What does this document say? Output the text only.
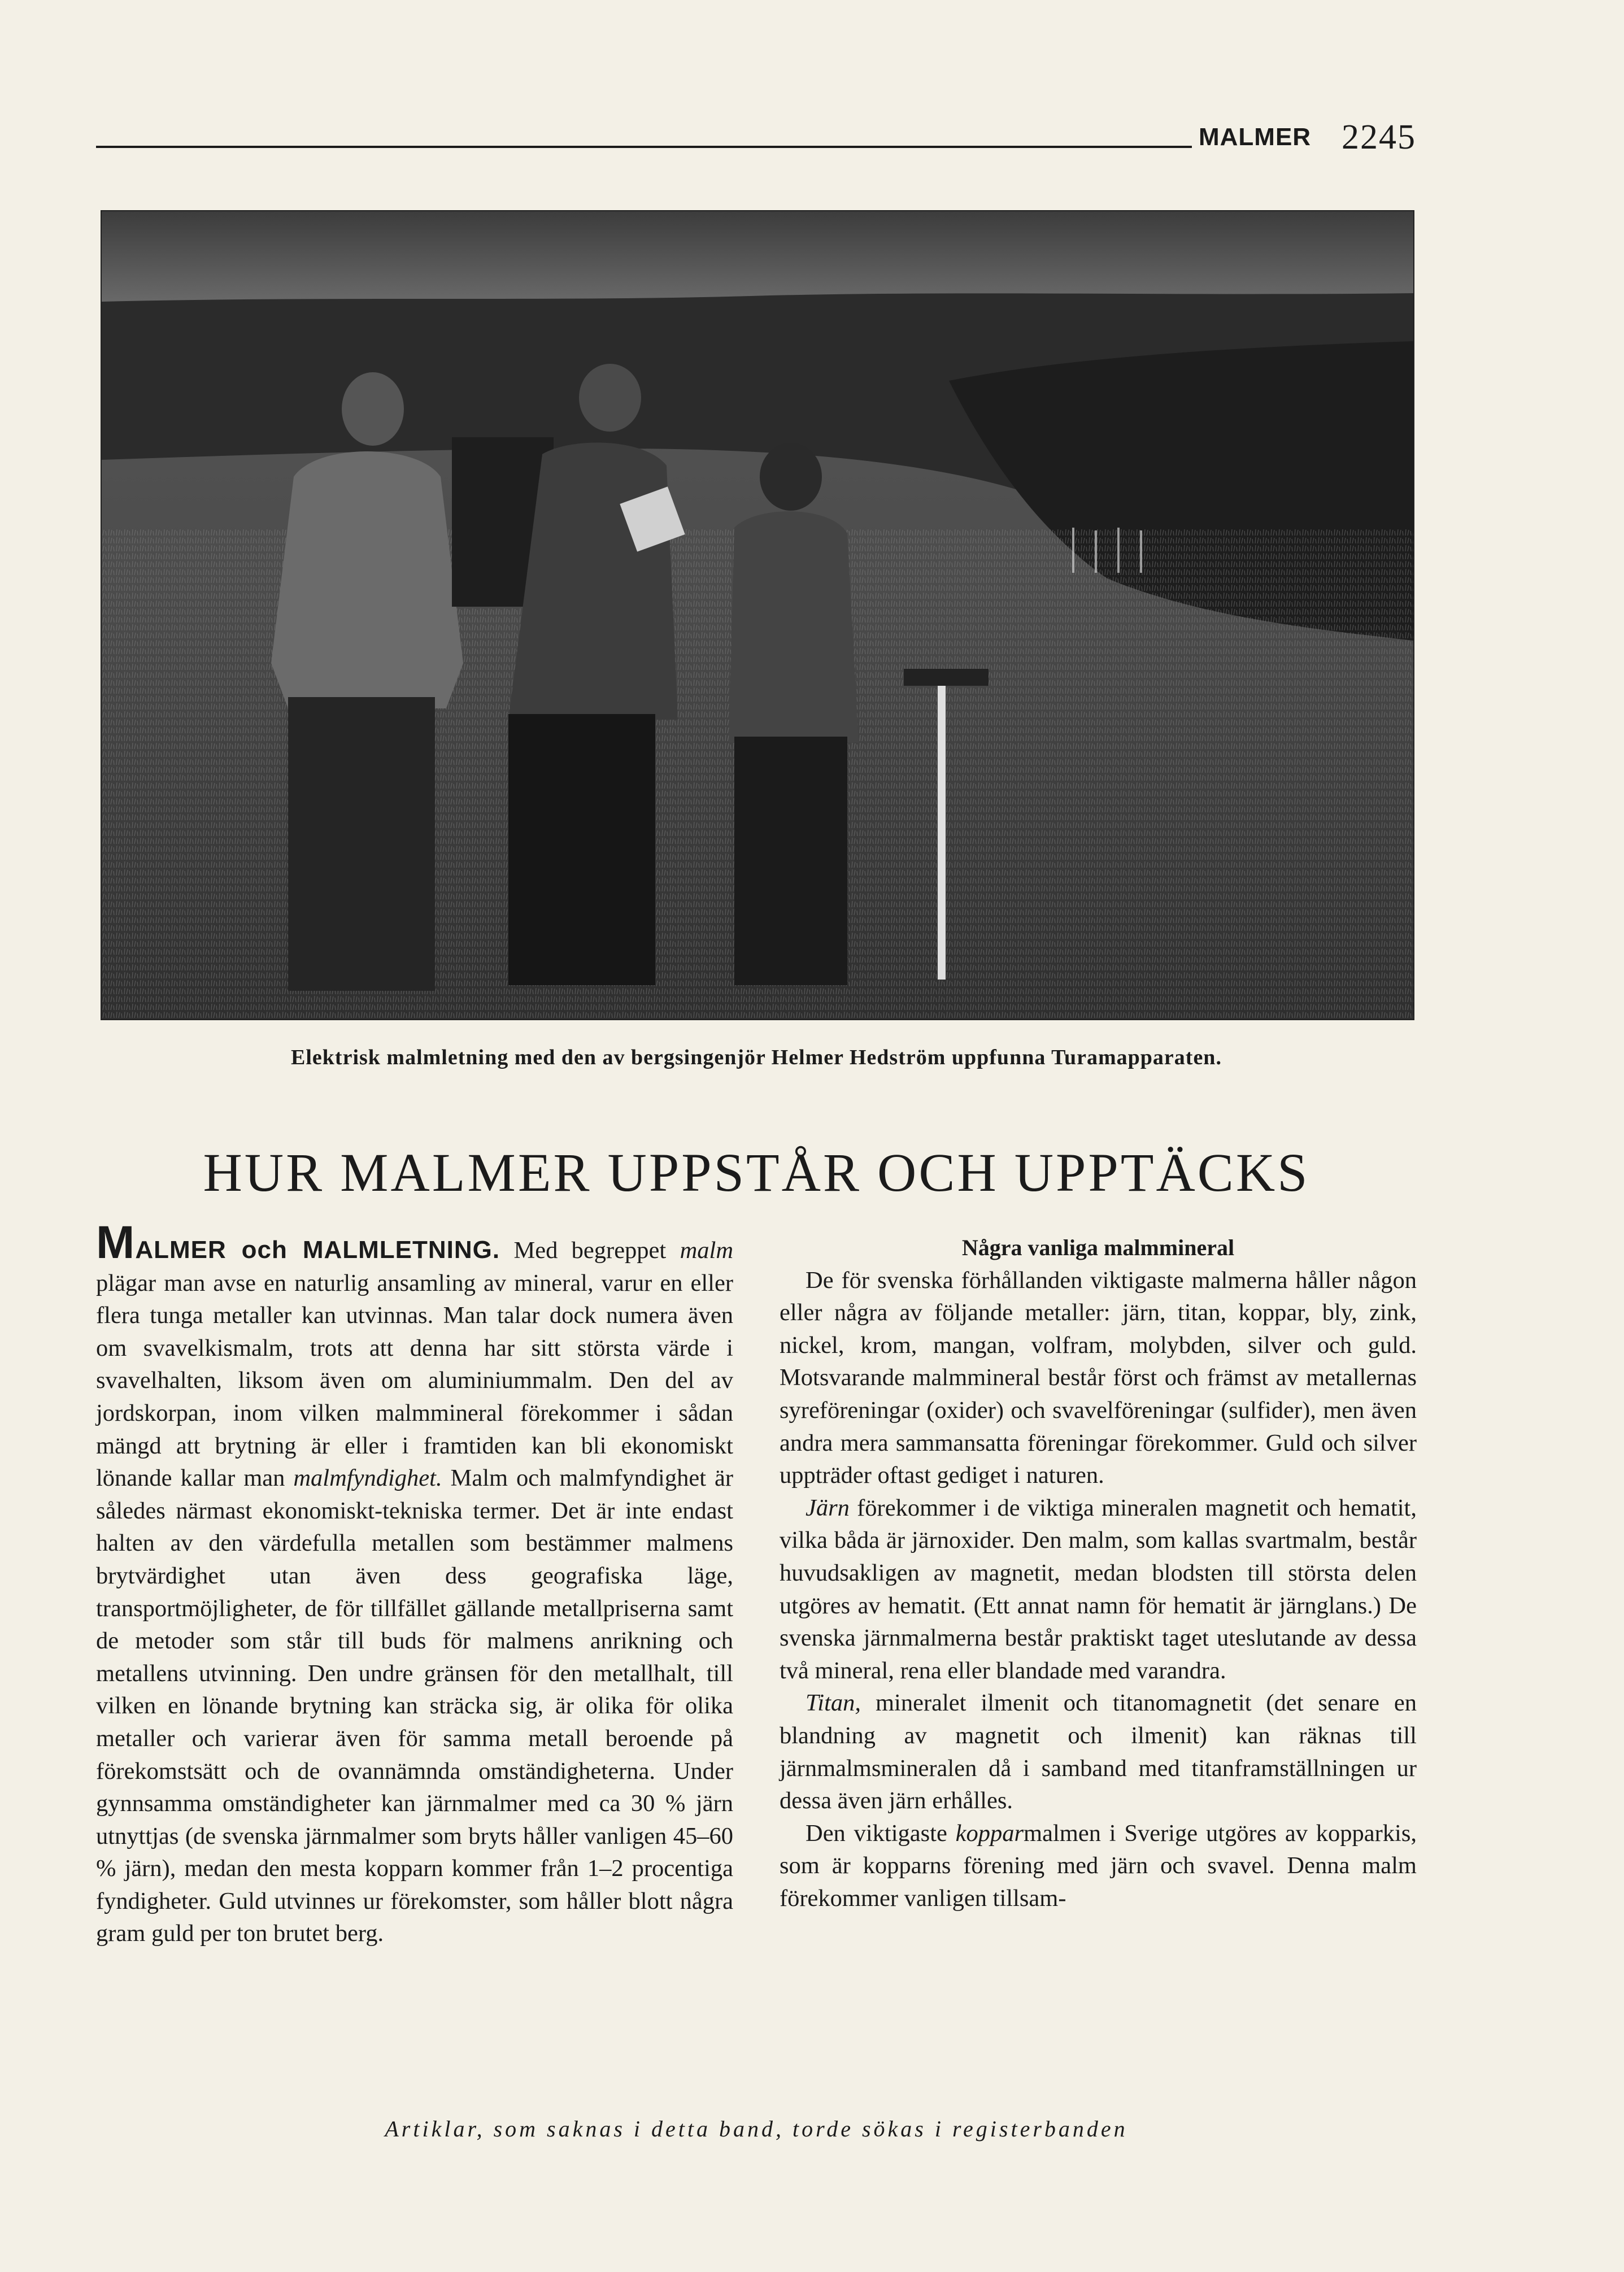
MALMER 2245
Elektrisk malmletning med den av bergsingenjör Helmer Hedström uppfunna Turamapparaten.
HUR MALMER UPPSTÅR OCH UPPTÄCKS

MALMER och MALMLETNING. Med begreppet malm plägar man avse en naturlig ansamling av mineral, varur en eller flera tunga metaller kan utvinnas. Man talar dock numera även om svavelkismalm, trots att denna har sitt största värde i svavelhalten, liksom även om aluminiummalm. Den del av jordskorpan, inom vilken malmmineral förekommer i sådan mängd att brytning är eller i framtiden kan bli ekonomiskt lönande kallar man malmfyndighet. Malm och malmfyndighet är således närmast ekonomiskt-tekniska termer. Det är inte endast halten av den värdefulla metallen som bestämmer malmens brytvärdighet utan även dess geografiska läge, transportmöjligheter, de för tillfället gällande metallpriserna samt de metoder som står till buds för malmens anrikning och metallens utvinning. Den undre gränsen för den metallhalt, till vilken en lönande brytning kan sträcka sig, är olika för olika metaller och varierar även för samma metall beroende på förekomstsätt och de ovannämnda omständigheterna. Under gynnsamma omständigheter kan järnmalmer med ca 30 % järn utnyttjas (de svenska järnmalmer som bryts håller vanligen 45–60 % järn), medan den mesta kopparn kommer från 1–2 procentiga fyndigheter. Guld utvinnes ur förekomster, som håller blott några gram guld per ton brutet berg.

Några vanliga malmmineral

De för svenska förhållanden viktigaste malmerna håller någon eller några av följande metaller: järn, titan, koppar, bly, zink, nickel, krom, mangan, volfram, molybden, silver och guld. Motsvarande malmmineral består först och främst av metallernas syreföreningar (oxider) och svavelföreningar (sulfider), men även andra mera sammansatta föreningar förekommer. Guld och silver uppträder oftast gediget i naturen.

Järn förekommer i de viktiga mineralen magnetit och hematit, vilka båda är järnoxider. Den malm, som kallas svartmalm, består huvudsakligen av magnetit, medan blodsten till största delen utgöres av hematit. (Ett annat namn för hematit är järnglans.) De svenska järnmalmerna består praktiskt taget uteslutande av dessa två mineral, rena eller blandade med varandra.

Titan, mineralet ilmenit och titanomagnetit (det senare en blandning av magnetit och ilmenit) kan räknas till järnmalmsmineralen då i samband med titanframställningen ur dessa även järn erhålles.

Den viktigaste kopparmalmen i Sverige utgöres av kopparkis, som är kopparns förening med järn och svavel. Denna malm förekommer vanligen tillsam-

Artiklar, som saknas i detta band, torde sökas i registerbanden
